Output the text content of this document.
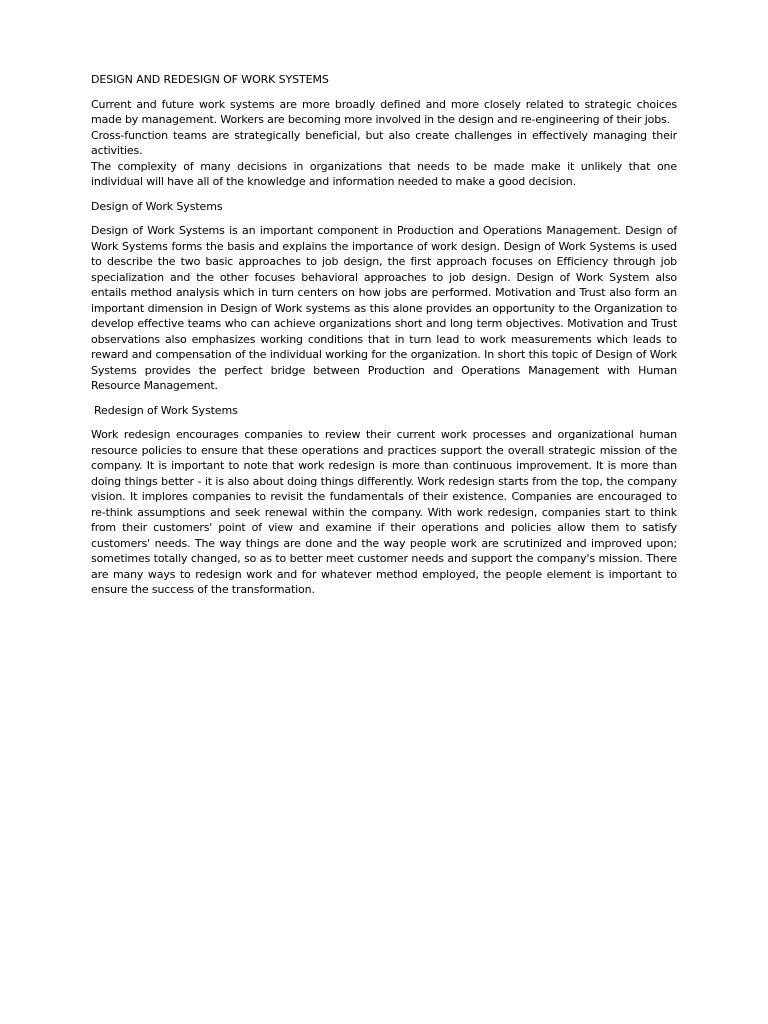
DESIGN AND REDESIGN OF WORK SYSTEMS

Current and future work systems are more broadly defined and more closely related to strategic choices made by management. Workers are becoming more involved in the design and re-engineering of their jobs.

Cross-function teams are strategically beneficial, but also create challenges in effectively managing their activities.

The complexity of many decisions in organizations that needs to be made make it unlikely that one individual will have all of the knowledge and information needed to make a good decision.

Design of Work Systems

Design of Work Systems is an important component in Production and Operations Management. Design of Work Systems forms the basis and explains the importance of work design. Design of Work Systems is used to describe the two basic approaches to job design, the first approach focuses on Efficiency through job specialization and the other focuses behavioral approaches to job design. Design of Work System also entails method analysis which in turn centers on how jobs are performed. Motivation and Trust also form an important dimension in Design of Work systems as this alone provides an opportunity to the Organization to develop effective teams who can achieve organizations short and long term objectives. Motivation and Trust observations also emphasizes working conditions that in turn lead to work measurements which leads to reward and compensation of the individual working for the organization. In short this topic of Design of Work Systems provides the perfect bridge between Production and Operations Management with Human Resource Management.

Redesign of Work Systems

Work redesign encourages companies to review their current work processes and organizational human resource policies to ensure that these operations and practices support the overall strategic mission of the company. It is important to note that work redesign is more than continuous improvement. It is more than doing things better - it is also about doing things differently. Work redesign starts from the top, the company vision. It implores companies to revisit the fundamentals of their existence. Companies are encouraged to re-think assumptions and seek renewal within the company. With work redesign, companies start to think from their customers' point of view and examine if their operations and policies allow them to satisfy customers' needs. The way things are done and the way people work are scrutinized and improved upon; sometimes totally changed, so as to better meet customer needs and support the company's mission. There are many ways to redesign work and for whatever method employed, the people element is important to ensure the success of the transformation.
